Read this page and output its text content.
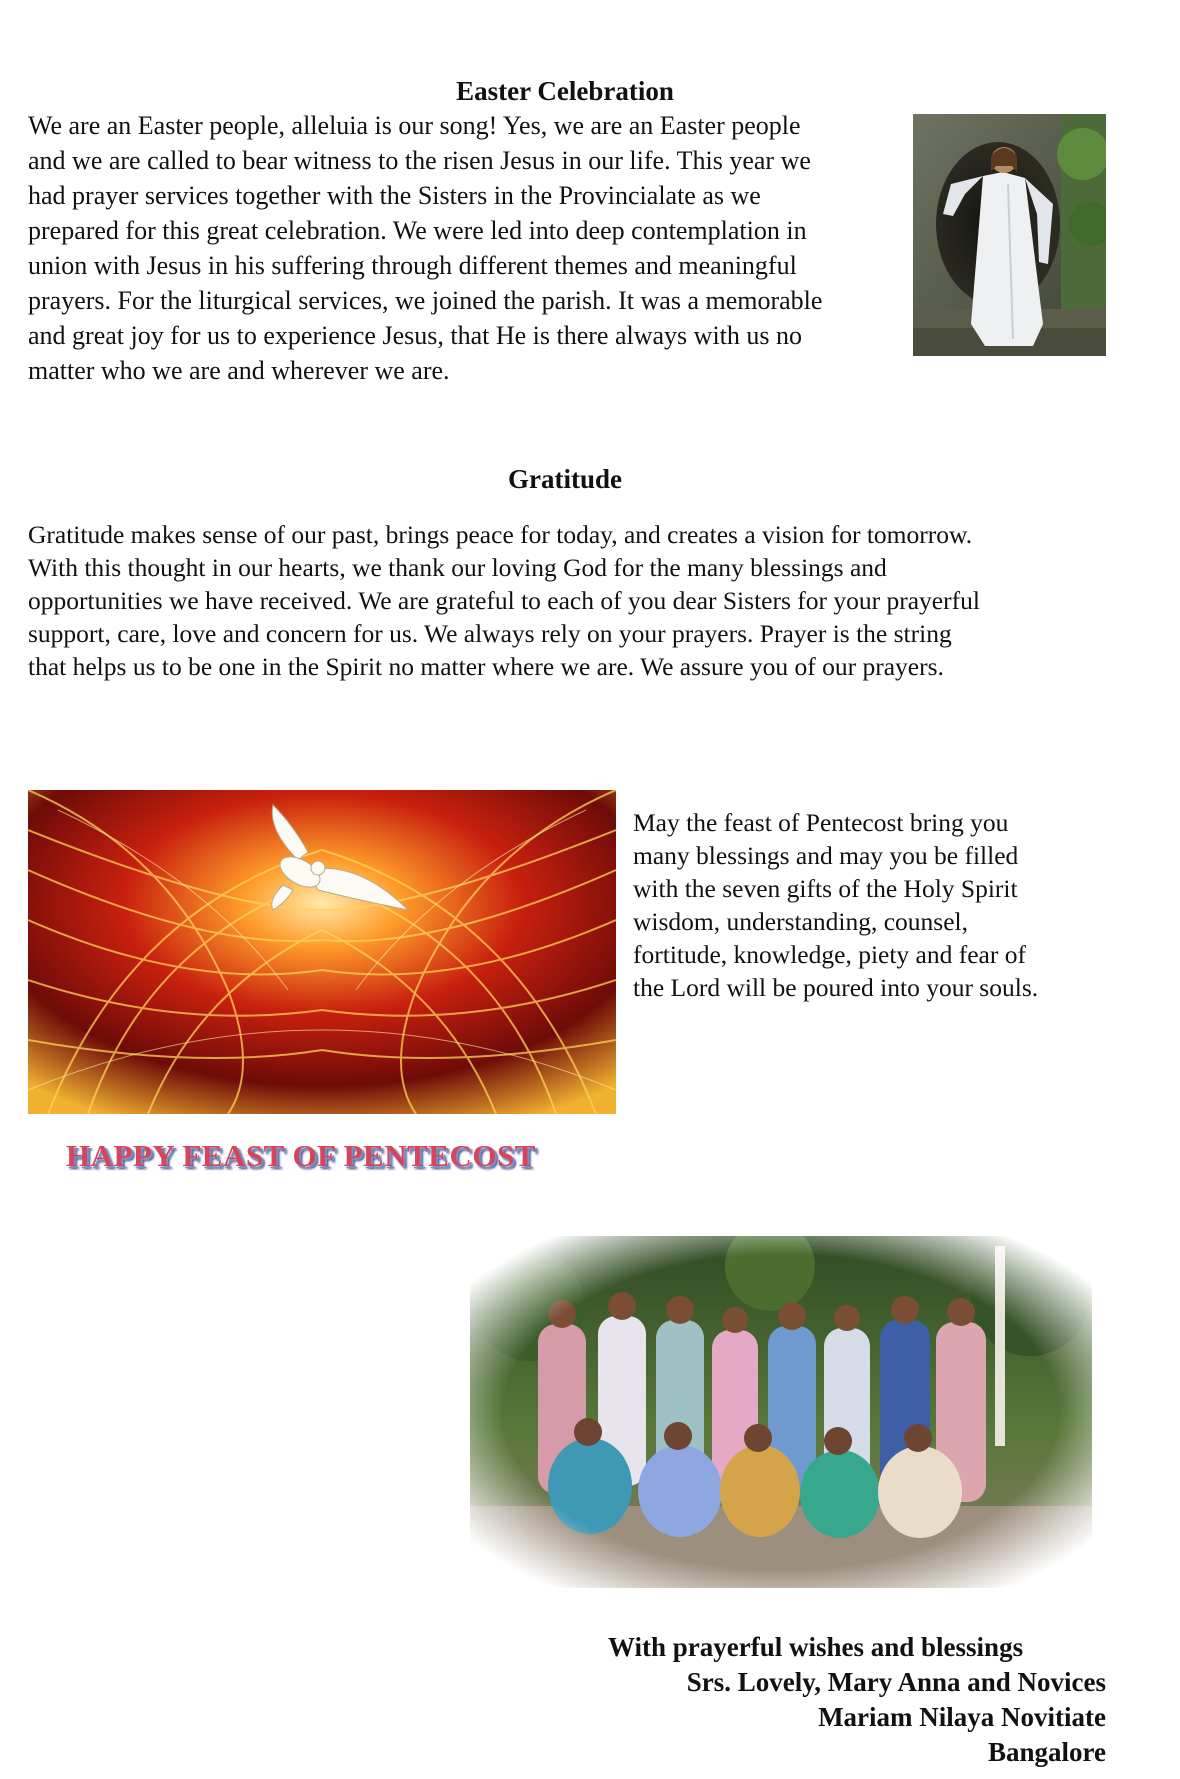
Easter Celebration
We are an Easter people, alleluia is our song! Yes, we are an Easter people
and we are called to bear witness to the risen Jesus in our life. This year we
had prayer services together with the Sisters in the Provincialate as we
prepared for this great celebration. We were led into deep contemplation in
union with Jesus in his suffering through different themes and meaningful
prayers. For the liturgical services, we joined the parish. It was a memorable
and great joy for us to experience Jesus, that He is there always with us no
matter who we are and wherever we are.
Gratitude
Gratitude makes sense of our past, brings peace for today, and creates a vision for tomorrow.
With this thought in our hearts, we thank our loving God for the many blessings and
opportunities we have received. We are grateful to each of you dear Sisters for your prayerful
support, care, love and concern for us. We always rely on your prayers. Prayer is the string
that helps us to be one in the Spirit no matter where we are. We assure you of our prayers.
May the feast of Pentecost bring you
many blessings and may you be filled
with the seven gifts of the Holy Spirit
wisdom, understanding, counsel,
fortitude, knowledge, piety and fear of
the Lord will be poured into your souls.

HAPPY FEAST OF PENTECOST

With prayerful wishes and blessings
Srs. Lovely, Mary Anna and Novices
Mariam Nilaya Novitiate
Bangalore
